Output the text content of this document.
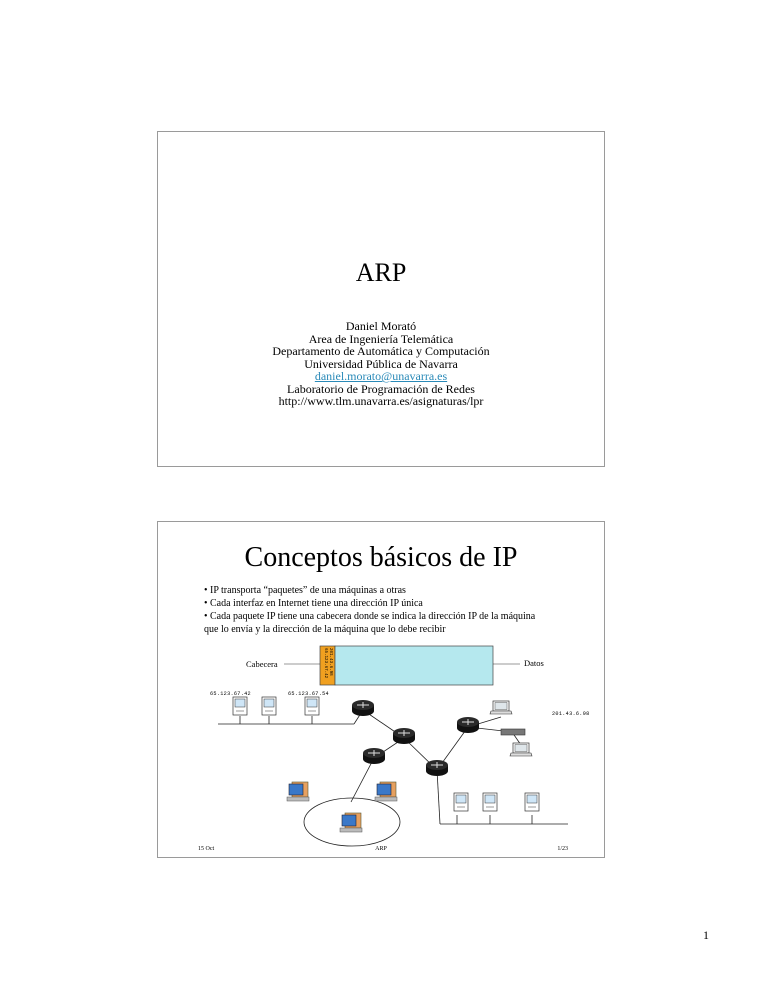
ARP
Daniel Morató
Area de Ingeniería Telemática
Departamento de Automática y Computación
Universidad Pública de Navarra
daniel.morato@unavarra.es
Laboratorio de Programación de Redes
http://www.tlm.unavarra.es/asignaturas/lpr
Conceptos básicos de IP
• IP transporta “paquetes” de una máquinas a otras
• Cada interfaz en Internet tiene una dirección IP única
• Cada paquete IP tiene una cabecera donde se indica la dirección IP de la máquina
que lo envía y la dirección de la máquina que lo debe recibir
65.123.67.42 201.43.6.98
Cabecera	Datos
65.123.67.42	65.123.67.54
201.43.6.98
15 Oct	ARP	1/23
1
